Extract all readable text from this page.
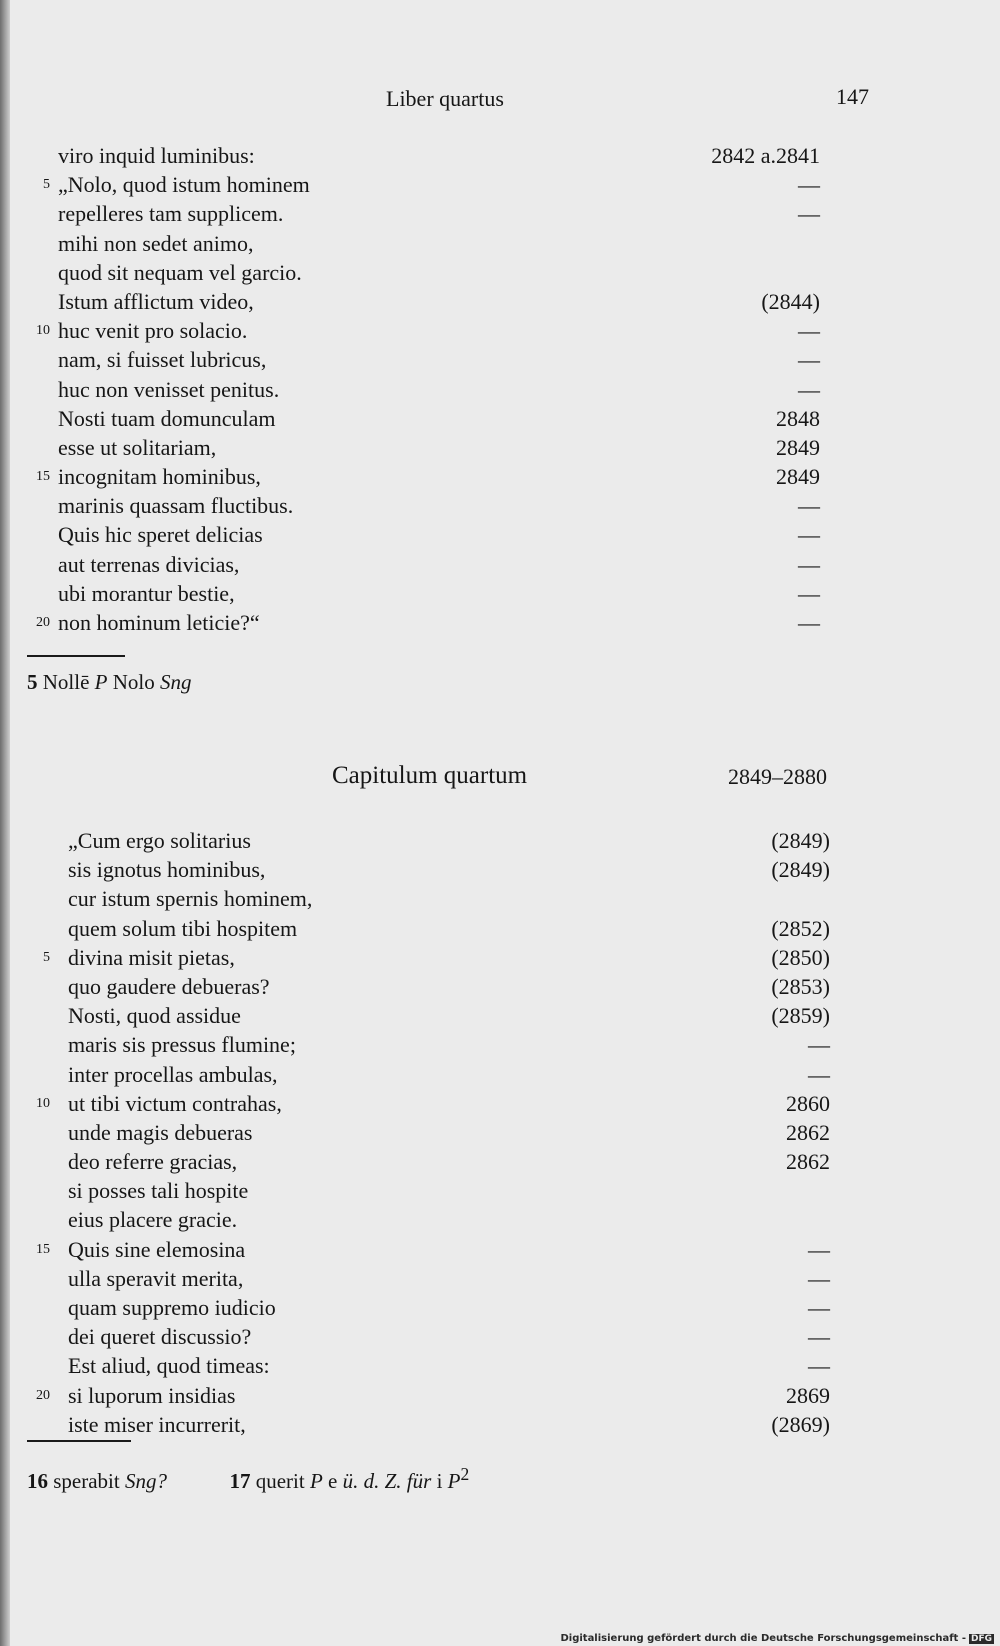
Liber quartus	147
viro inquid luminibus:	2842 a.2841
5 „Nolo, quod istum hominem	—
repelleres tam supplicem.	—
mihi non sedet animo,
quod sit nequam vel garcio.
Istum afflictum video,	(2844)
10 huc venit pro solacio.	—
nam, si fuisset lubricus,	—
huc non venisset penitus.	—
Nosti tuam domunculam	2848
esse ut solitariam,	2849
15 incognitam hominibus,	2849
marinis quassam fluctibus.	—
Quis hic speret delicias	—
aut terrenas divicias,	—
ubi morantur bestie,	—
20 non hominum leticie?“	—
5 Nollē P Nolo Sng
Capitulum quartum	2849–2880
„Cum ergo solitarius	(2849)
sis ignotus hominibus,	(2849)
cur istum spernis hominem,
quem solum tibi hospitem	(2852)
5 divina misit pietas,	(2850)
quo gaudere debueras?	(2853)
Nosti, quod assidue	(2859)
maris sis pressus flumine;	—
inter procellas ambulas,	—
10 ut tibi victum contrahas,	2860
unde magis debueras	2862
deo referre gracias,	2862
si posses tali hospite
eius placere gracie.
15 Quis sine elemosina	—
ulla speravit merita,	—
quam suppremo iudicio	—
dei queret discussio?	—
Est aliud, quod timeas:	—
20 si luporum insidias	2869
iste miser incurrerit,	(2869)
16 sperabit Sng?	17 querit P e ü. d. Z. für i $P^2$
Digitalisierung gefördert durch die Deutsche Forschungsgemeinschaft - DFG
